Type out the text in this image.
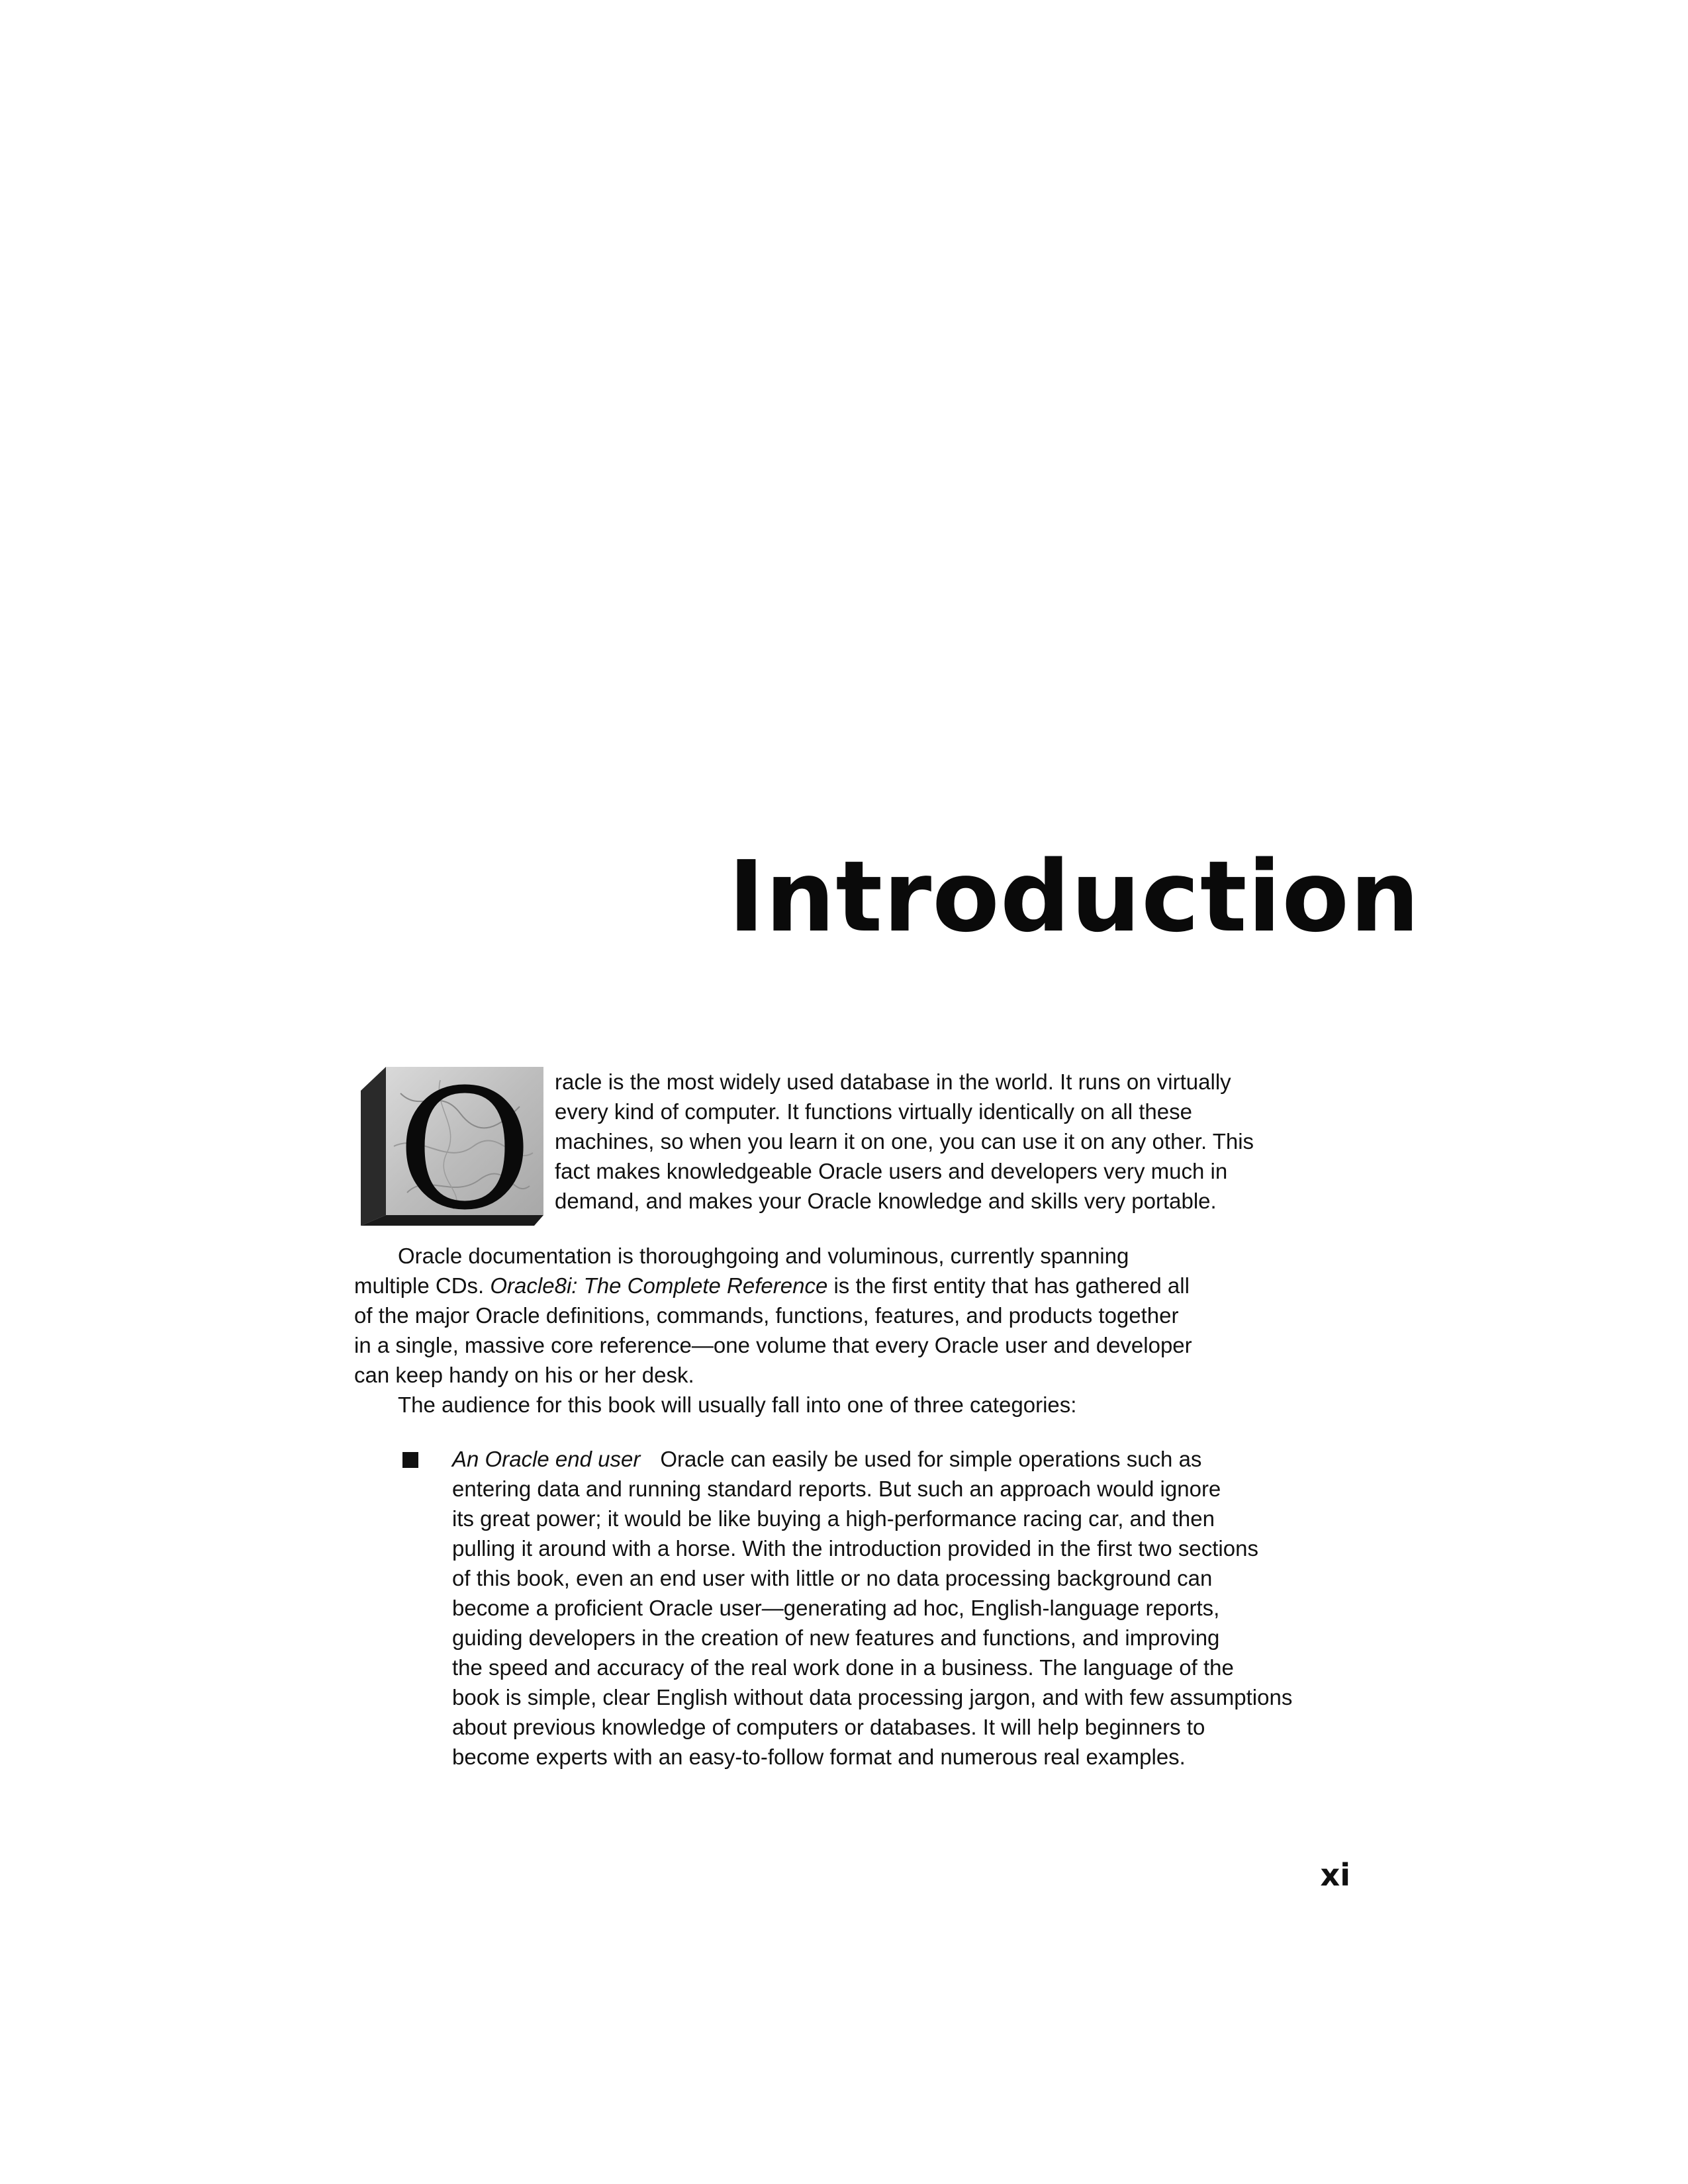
Introduction
O racle is the most widely used database in the world. It runs on virtually

every kind of computer. It functions virtually identically on all these

machines, so when you learn it on one, you can use it on any other. This

fact makes knowledgeable Oracle users and developers very much in

demand, and makes your Oracle knowledge and skills very portable.

Oracle documentation is thoroughgoing and voluminous, currently spanning

multiple CDs. Oracle8i: The Complete Reference is the first entity that has gathered all

of the major Oracle definitions, commands, functions, features, and products together

in a single, massive core reference—one volume that every Oracle user and developer

can keep handy on his or her desk.

The audience for this book will usually fall into one of three categories:

An Oracle end user Oracle can easily be used for simple operations such as

entering data and running standard reports. But such an approach would ignore

its great power; it would be like buying a high-performance racing car, and then

pulling it around with a horse. With the introduction provided in the first two sections

of this book, even an end user with little or no data processing background can

become a proficient Oracle user—generating ad hoc, English-language reports,

guiding developers in the creation of new features and functions, and improving

the speed and accuracy of the real work done in a business. The language of the

book is simple, clear English without data processing jargon, and with few assumptions

about previous knowledge of computers or databases. It will help beginners to

become experts with an easy-to-follow format and numerous real examples.

xi
